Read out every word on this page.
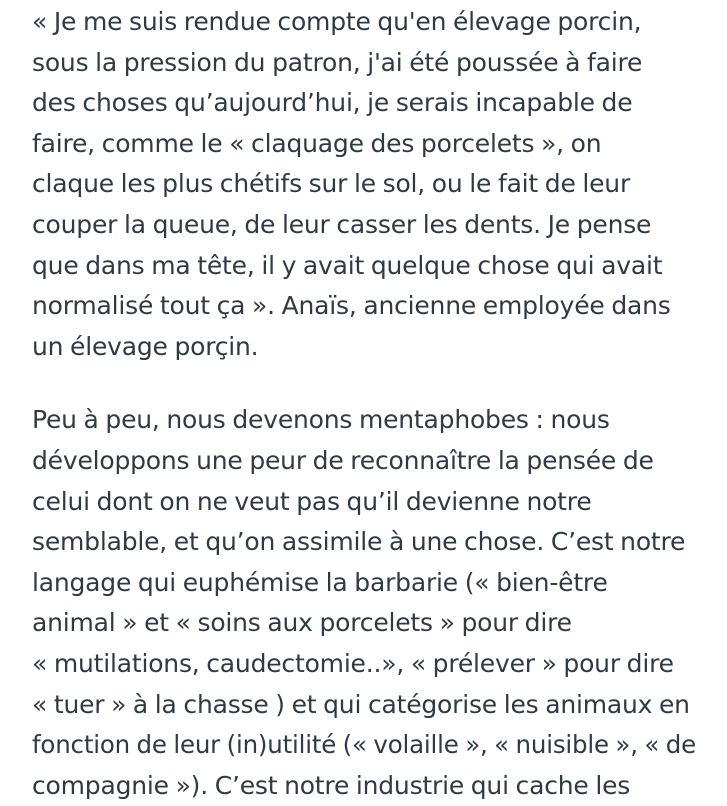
« Je me suis rendue compte qu'en élevage porcin,
sous la pression du patron, j'ai été poussée à faire
des choses qu’aujourd’hui, je serais incapable de
faire, comme le « claquage des porcelets », on
claque les plus chétifs sur le sol, ou le fait de leur
couper la queue, de leur casser les dents. Je pense
que dans ma tête, il y avait quelque chose qui avait
normalisé tout ça ». Anaïs, ancienne employée dans
un élevage porçin.

Peu à peu, nous devenons mentaphobes : nous
développons une peur de reconnaître la pensée de
celui dont on ne veut pas qu’il devienne notre
semblable, et qu’on assimile à une chose. C’est notre
langage qui euphémise la barbarie (« bien-être
animal » et « soins aux porcelets » pour dire
« mutilations, caudectomie..», « prélever » pour dire
« tuer » à la chasse ) et qui catégorise les animaux en
fonction de leur (in)utilité (« volaille », « nuisible », « de
compagnie »). C’est notre industrie qui cache les
